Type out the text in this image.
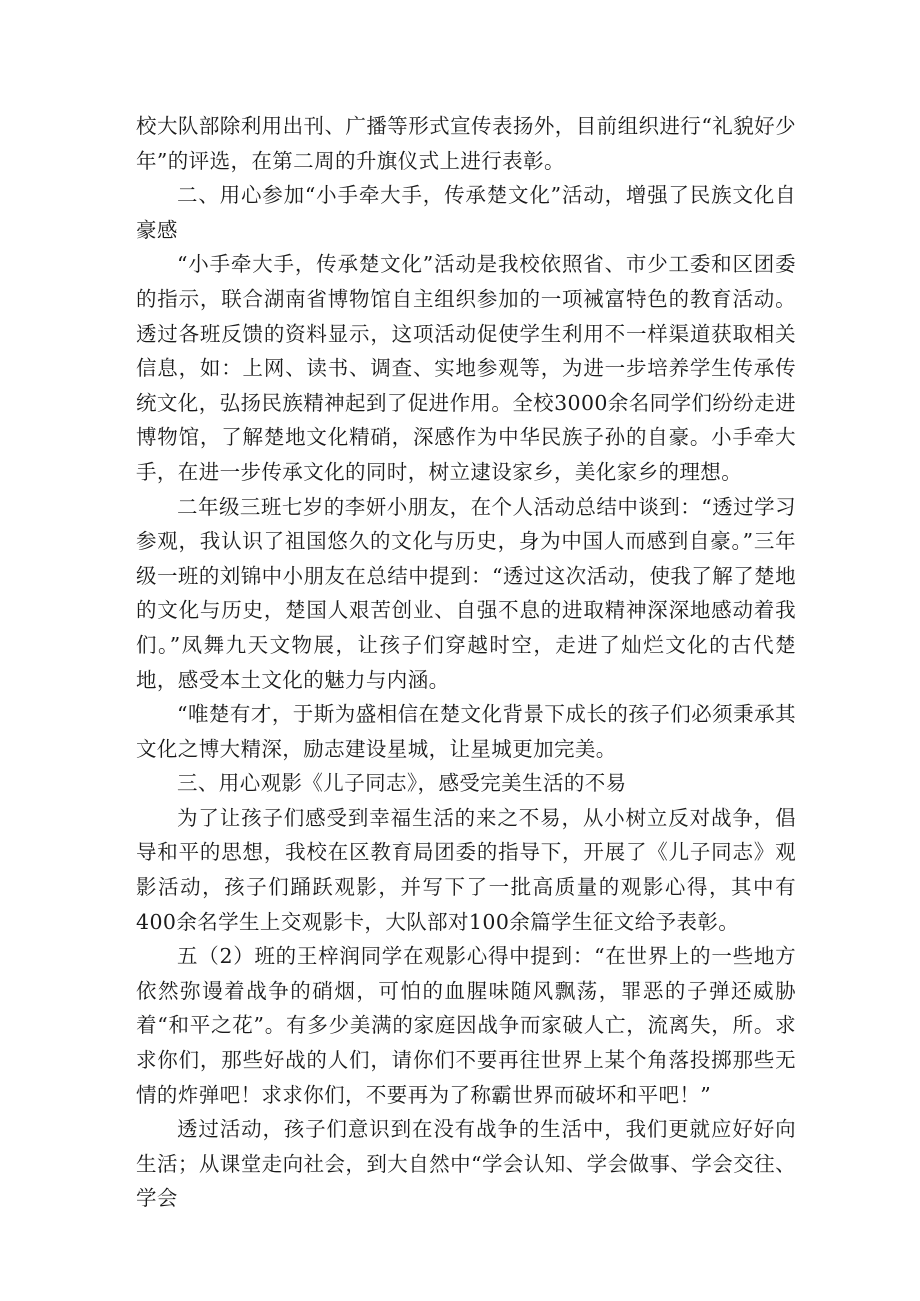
校大队部除利用出刊、广播等形式宣传表扬外，目前组织进行“礼貌好少年”的评选，在第二周的升旗仪式上进行表彰。

二、用心参加“小手牵大手，传承楚文化”活动，增强了民族文化自豪感

“小手牵大手，传承楚文化”活动是我校依照省、市少工委和区团委的指示，联合湖南省博物馆自主组织参加的一项裓富特色的教育活动。透过各班反馈的资料显示，这项活动促使学生利用不一样渠道获取相关信息，如：上网、读书、调查、实地参观等，为进一步培养学生传承传统文化，弘扬民族精神起到了促进作用。全校3000余名同学们纷纷走进博物馆，了解楚地文化精硝，深感作为中华民族子孙的自豪。小手牵大手，在进一步传承文化的同时，树立逮设家乡，美化家乡的理想。

二年级三班七岁的李妍小朋友，在个人活动总结中谈到：“透过学习参观，我认识了祖国悠久的文化与历史，身为中国人而感到自豪。”三年级一班的刘锦中小朋友在总结中提到：“透过这次活动，使我了解了楚地的文化与历史，楚国人艰苦创业、自强不息的进取精神深深地感动着我们。”凤舞九天文物展，让孩子们穿越时空，走进了灿烂文化的古代楚地，感受本土文化的魅力与内涵。

“唯楚有才，于斯为盛相信在楚文化背景下成长的孩子们必须秉承其文化之博大精深，励志建设星城，让星城更加完美。

三、用心观影《儿子同志》，感受完美生活的不易

为了让孩子们感受到幸福生活的来之不易，从小树立反对战争，倡导和平的思想，我校在区教育局团委的指导下，开展了《儿子同志》观影活动，孩子们踊跃观影，并写下了一批高质量的观影心得，其中有400余名学生上交观影卡，大队部对100余篇学生征文给予表彰。

五（2）班的王梓润同学在观影心得中提到：“在世界上的一些地方依然弥谩着战争的硝烟，可怕的血腥味随风飘荡，罪恶的子弹还威胁着“和平之花”。有多少美满的家庭因战争而家破人亡，流离失，所。求求你们，那些好战的人们，请你们不要再往世界上某个角落投掷那些无情的炸弹吧！求求你们，不要再为了称霸世界而破坏和平吧！”

透过活动，孩子们意识到在没有战争的生活中，我们更就应好好向生活；从课堂走向社会，到大自然中“学会认知、学会做事、学会交往、学会
